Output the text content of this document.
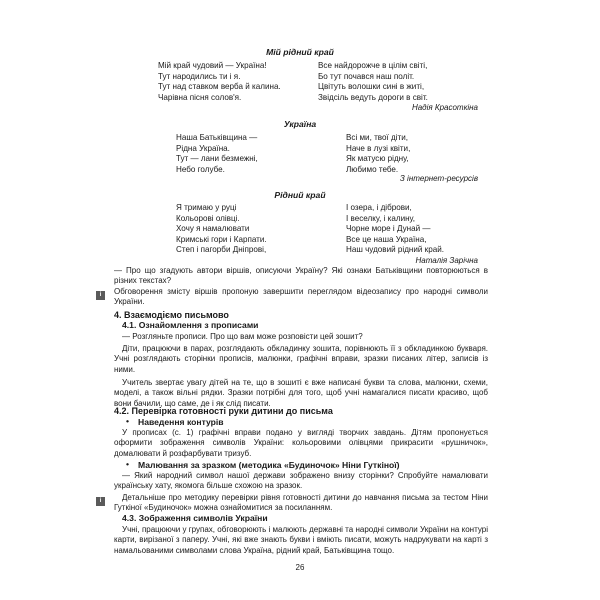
Мій рідний край
Мій край чудовий — Україна!
Тут народились ти і я.
Тут над ставком верба й калина.
Чарівна пісня солов'я.
Все найдорожче в цілім світі,
Бо тут почався наш політ.
Цвітуть волошки сині в житі,
Звідсіль ведуть дороги в світ.
Надія Красоткіна
Україна
Наша Батьківщина —
Рідна Україна.
Тут — лани безмежні,
Небо голубе.
Всі ми, твої діти,
Наче в лузі квіти,
Як матусю рідну,
Любимо тебе.
З інтернет-ресурсів
Рідний край
Я тримаю у руці
Кольорові олівці.
Хочу я намалювати
Кримські гори і Карпати.
Степ і пагорби Дніпрові,
І озера, і діброви,
І веселку, і калину,
Чорне море і Дунай —
Все це наша Україна,
Наш чудовий рідний край.
Наталія Зарічна
— Про що згадують автори віршів, описуючи Україну? Які ознаки Батьківщини повторюються в різних текстах?
i	Обговорення змісту віршів пропоную завершити переглядом відеозапису про народні символи України.
4. Взаємодіємо письмово
4.1. Ознайомлення з прописами
— Розгляньте прописи. Про що вам може розповісти цей зошит?
Діти, працюючи в парах, розглядають обкладинку зошита, порівнюють її з обкладинкою букваря. Учні розглядають сторінки прописів, малюнки, графічні вправи, зразки писаних літер, записів із ними.
Учитель звертає увагу дітей на те, що в зошиті є вже написані букви та слова, малюнки, схеми, моделі, а також вільні рядки. Зразки потрібні для того, щоб учні намагалися писати красиво, щоб вони бачили, що саме, де і як слід писати.
4.2. Перевірка готовності руки дитини до письма
• Наведення контурів
У прописах (с. 1) графічні вправи подано у вигляді творчих завдань. Дітям пропонується оформити зображення символів України: кольоровими олівцями прикрасити «рушничок», домалювати й розфарбувати тризуб.
• Малювання за зразком (методика «Будиночок» Ніни Гуткіної)
— Який народний символ нашої держави зображено внизу сторінки? Спробуйте намалювати українську хату, якомога більше схожою на зразок.
i	Детальніше про методику перевірки рівня готовності дитини до навчання письма за тестом Ніни Гуткіної «Будиночок» можна ознайомитися за посиланням.
4.3. Зображення символів України
Учні, працюючи у групах, обговорюють і малюють державні та народні символи України на контурі карти, вирізаної з паперу. Учні, які вже знають букви і вміють писати, можуть надрукувати на карті з намальованими символами слова Україна, рідний край, Батьківщина тощо.
26
